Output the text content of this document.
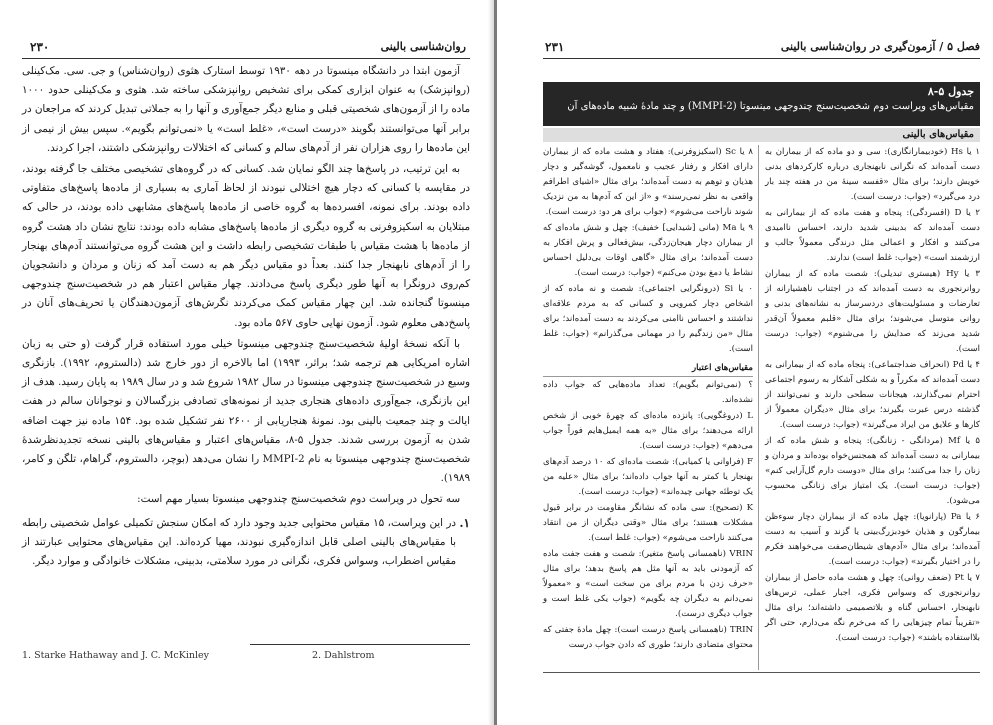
روان‌شناسی بالینی
۲۳۰

آزمون ابتدا در دانشگاه مینسوتا در دهه ۱۹۳۰ توسط استارک هثوی (روان‌شناس) و جی. سی. مک‌کینلی (روانپزشک) به عنوان ابزاری کمکی برای تشخیص روانپزشکی ساخته شد. هثوی و مک‌کینلی حدود ۱۰۰۰ ماده را از آزمون‌های شخصیتی قبلی و منابع دیگر جمع‌آوری و آنها را به جملاتی تبدیل کردند که مراجعان در برابر آنها می‌توانستند بگویند «درست است»، «غلط است» یا «نمی‌توانم بگویم». سپس بیش از نیمی از این ماده‌ها را روی هزاران نفر از آدم‌های سالم و کسانی که اختلالات روانپزشکی داشتند، اجرا کردند.

به این ترتیب، در پاسخ‌ها چند الگو نمایان شد. کسانی که در گروه‌های تشخیصی مختلف جا گرفته بودند، در مقایسه با کسانی که دچار هیچ اختلالی نبودند از لحاظ آماری به بسیاری از ماده‌ها پاسخ‌های متفاوتی داده بودند. برای نمونه، افسرده‌ها به گروه خاصی از ماده‌ها پاسخ‌های مشابهی داده بودند، در حالی که مبتلایان به اسکیزوفرنی به گروه دیگری از ماده‌ها پاسخ‌های مشابه داده بودند: نتایج نشان داد هشت گروه از ماده‌ها با هشت مقیاس با طبقات تشخیصی رابطه داشت و این هشت گروه می‌توانستند آدم‌های بهنجار را از آدم‌های نابهنجار جدا کنند. بعداً دو مقیاس دیگر هم به دست آمد که زنان و مردان و دانشجویان کم‌روی درونگرا به آنها طور دیگری پاسخ می‌دادند. چهار مقیاس اعتبار هم در شخصیت‌سنج چندوجهی مینسوتا گنجانده شد. این چهار مقیاس کمک می‌کردند نگرش‌های آزمون‌دهندگان یا تحریف‌های آنان در پاسخ‌دهی معلوم شود. آزمون نهایی حاوی ۵۶۷ ماده بود.

با آنکه نسخهٔ اولیهٔ شخصیت‌سنج چندوجهی مینسوتا خیلی مورد استفاده قرار گرفت (و حتی به زبان اشاره امریکایی هم ترجمه شد؛ براثر، ۱۹۹۳) اما بالاخره از دور خارج شد (دالستروم، ۱۹۹۲). بازنگری وسیع در شخصیت‌سنج چندوجهی مینسوتا در سال ۱۹۸۲ شروع شد و در سال ۱۹۸۹ به پایان رسید. هدف از این بازنگری، جمع‌آوری داده‌های هنجاری جدید از نمونه‌های تصادفی بزرگسالان و نوجوانان سالم در هفت ایالت و چند جمعیت بالینی بود. نمونهٔ هنجاریابی از ۲۶۰۰ نفر تشکیل شده بود. ۱۵۴ ماده نیز جهت اضافه شدن به آزمون بررسی شدند. جدول ۵-۸، مقیاس‌های اعتبار و مقیاس‌های بالینی نسخه تجدیدنظرشدهٔ شخصیت‌سنج چندوجهی مینسوتا به نام MMPI-2 را نشان می‌دهد (بوچر، دالستروم، گراهام، تلگن و کامر، ۱۹۸۹).

سه تحول در ویراست دوم شخصیت‌سنج چندوجهی مینسوتا بسیار مهم است:

۱.
در این ویراست، ۱۵ مقیاس محتوایی جدید وجود دارد که امکان سنجش تکمیلی عوامل شخصیتی رابطه با مقیاس‌های بالینی اصلی قابل اندازه‌گیری نبودند، مهیا کرده‌اند. این مقیاس‌های محتوایی عبارتند از مقیاس اضطراب، وسواس فکری، نگرانی در مورد سلامتی، بدبینی، مشکلات خانوادگی و موارد دیگر.
1. Starke Hathaway and J. C. McKinley	2. Dahlstrom
فصل ۵ / آزمون‌گیری در روان‌شناسی بالینی
۲۳۱
جدول ۵-۸
مقیاس‌های ویراست دوم شخصیت‌سنج چندوجهی مینسوتا (MMPI-2) و چند مادهٔ شبیه ماده‌های آن
مقیاس‌های بالینی

۱ یا Hs (خودبیمارانگاری): سی و دو ماده که از بیماران به دست آمده‌اند که نگرانی نابهنجاری درباره کارکردهای بدنی خویش دارند؛ برای مثال «قفسه سینهٔ من در هفته چند بار درد می‌گیرد» (جواب: درست است).

۲ یا D (افسردگی): پنجاه و هفت ماده که از بیمارانی به دست آمده‌اند که بدبینی شدید دارند، احساس ناامیدی می‌کنند و افکار و اعمالی مثل درندگی معمولاً جالب و ارزشمند است» (جواب: غلط است) ندارند.

۳ یا Hy (هیستری تبدیلی): شصت ماده که از بیماران روانرنجوری به دست آمده‌اند که در اجتناب ناهشیارانه از تعارضات و مسئولیت‌های دردسرساز به نشانه‌های بدنی و روانی متوسل می‌شوند؛ برای مثال «قلبم معمولاً آن‌قدر شدید می‌زند که صدایش را می‌شنوم» (جواب: درست است).

۴ یا Pd (انحراف ضداجتماعی): پنجاه ماده که از بیمارانی به دست آمده‌اند که مکرراً و به شکلی آشکار به رسوم اجتماعی احترام نمی‌گذارند، هیجانات سطحی دارند و نمی‌توانند از گذشته درس عبرت بگیرند؛ برای مثال «دیگران معمولاً از کارها و علایق من ایراد می‌گیرند» (جواب: درست است).

۵ یا Mf (مردانگی - زنانگی): پنجاه و شش ماده که از بیمارانی به دست آمده‌اند که همجنس‌خواه بوده‌اند و مردان و زنان را جدا می‌کنند؛ برای مثال «دوست دارم گل‌آرایی کنم» (جواب: درست است). یک امتیاز برای زنانگی محسوب می‌شود).

۶ یا Pa (پارانویا): چهل ماده که از بیماران دچار سوءظن بیمارگون و هذیان خودبزرگ‌بینی یا گزند و آسیب به دست آمده‌اند؛ برای مثال «آدم‌های شیطان‌صفت می‌خواهند فکرم را در اختیار بگیرند» (جواب: درست است).

۷ یا Pt (ضعف روانی): چهل و هشت ماده حاصل از بیماران روانرنجوری که وسواس فکری، اجبار عملی، ترس‌های نابهنجار، احساس گناه و بلاتصمیمی داشته‌اند؛ برای مثال «تقریباً تمام چیزهایی را که می‌خرم نگه می‌دارم، حتی اگر بلااستفاده باشند» (جواب: درست است).

۸ یا Sc (اسکیزوفرنی): هفتاد و هشت ماده که از بیماران دارای افکار و رفتار عجیب و نامعمول، گوشه‌گیر و دچار هذیان و توهم به دست آمده‌اند؛ برای مثال «اشیای اطرافم واقعی به نظر نمی‌رسند» و «از این که آدم‌ها به من نزدیک شوند ناراحت می‌شوم» (جواب برای هر دو: درست است).

۹ یا Ma (مانی [شیدایی] خفیف): چهل و شش ماده‌ای که از بیماران دچار هیجان‌زدگی، بیش‌فعالی و پرش افکار به دست آمده‌اند؛ برای مثال «گاهی اوقات بی‌دلیل احساس نشاط یا دمغ بودن می‌کنم» (جواب: درست است).

۰ یا Si (درونگرایی اجتماعی): شصت و نه ماده که از اشخاص دچار کمرویی و کسانی که به مردم علاقه‌ای نداشتند و احساس ناامنی می‌کردند به دست آمده‌اند؛ برای مثال «من زندگیم را در مهمانی می‌گذرانم» (جواب: غلط است).

مقیاس‌های اعتبار

؟ (نمی‌توانم بگویم): تعداد ماده‌هایی که جواب داده نشده‌اند.

L (دروغگویی): پانزده ماده‌ای که چهرهٔ خوبی از شخص ارائه می‌دهند؛ برای مثال «به همه ایمیل‌هایم فوراً جواب می‌دهم» (جواب: درست است).

F (فراوانی یا کمیابی): شصت ماده‌ای که ۱۰ درصد آدم‌های بهنجار یا کمتر به آنها جواب داده‌اند؛ برای مثال «علیه من یک توطئه جهانی چیده‌اند» (جواب: درست است).

K (تصحیح): سی ماده که نشانگر مقاومت در برابر قبول مشکلات هستند؛ برای مثال «وقتی دیگران از من انتقاد می‌کنند ناراحت می‌شوم» (جواب: غلط است).

VRIN (ناهمسانی پاسخ متغیر): شصت و هفت جفت ماده که آزمودنی باید به آنها مثل هم پاسخ بدهد؛ برای مثال «حرف زدن با مردم برای من سخت است» و «معمولاً نمی‌دانم به دیگران چه بگویم» (جواب یکی غلط است و جواب دیگری درست).

TRIN (ناهمسانی پاسخ درست است): چهل مادهٔ جفتی که محتوای متضادی دارند؛ طوری که دادن جواب درست
